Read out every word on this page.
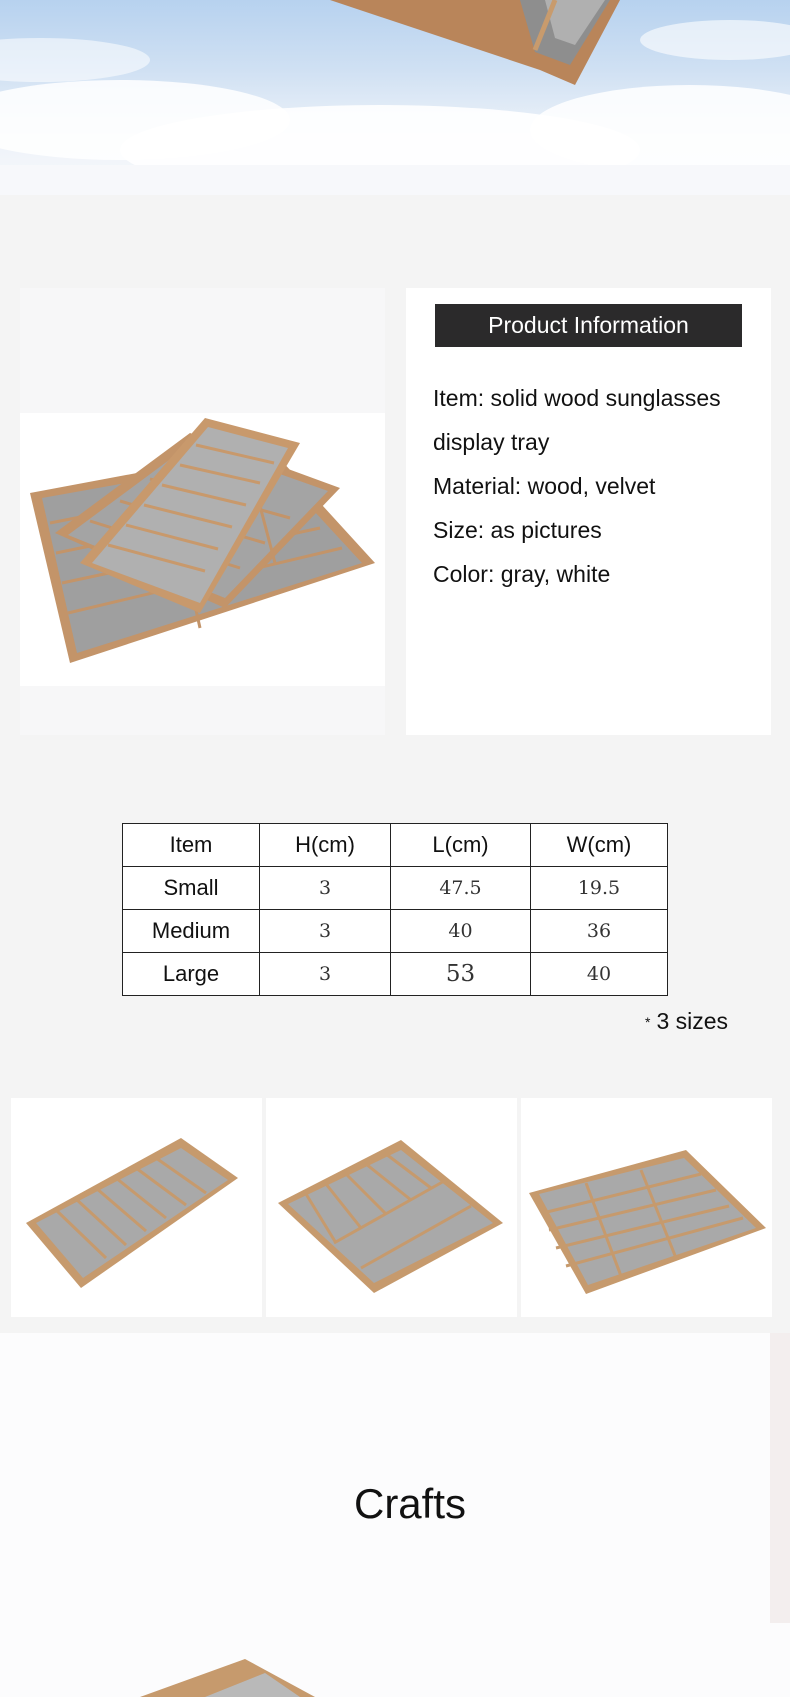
Product Information
Item: solid wood sunglasses
display tray
Material: wood, velvet
Size: as pictures
Color: gray, white
Item	H(cm)	L(cm)	W(cm)
Small	3	47.5	19.5
Medium	3	40	36
Large	3	53	40
* 3 sizes
Crafts
